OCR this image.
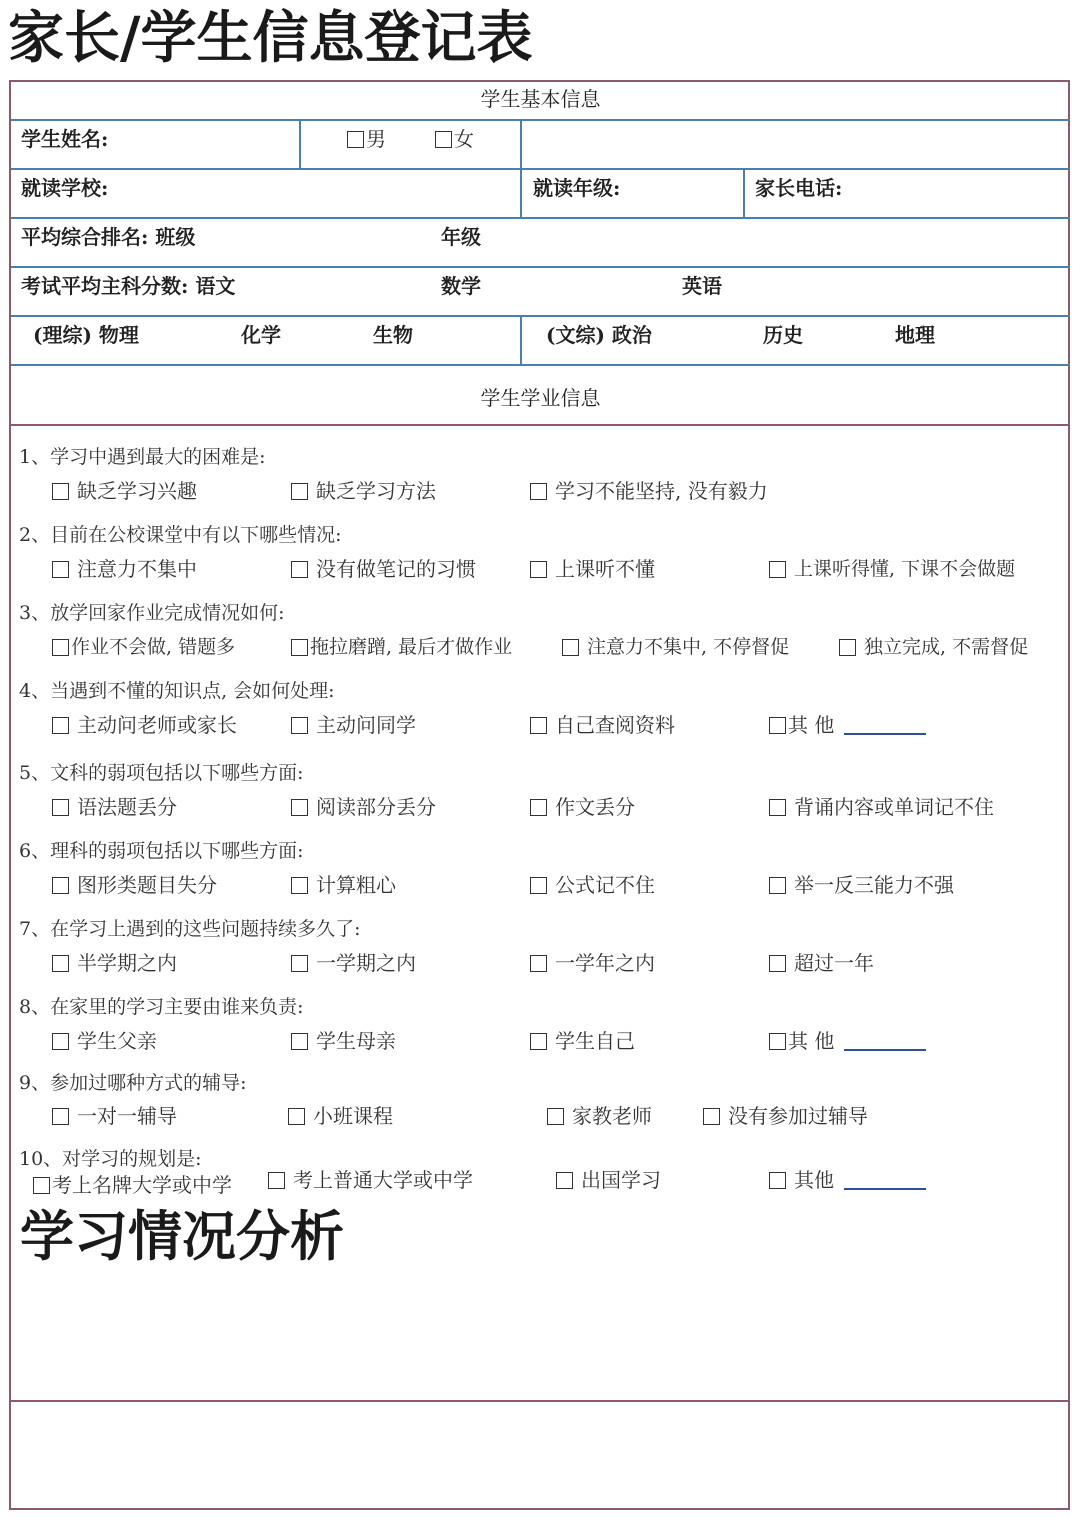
家长/学生信息登记表
学生基本信息
学生姓名:	男	女
就读学校:	就读年级:	家长电话:
平均综合排名: 班级	年级
考试平均主科分数: 语文	数学	英语
(理综) 物理	化学	生物	(文综) 政治	历史	地理
学生学业信息
1、学习中遇到最大的困难是:
缺乏学习兴趣	缺乏学习方法	学习不能坚持, 没有毅力
2、目前在公校课堂中有以下哪些情况:
注意力不集中	没有做笔记的习惯	上课听不懂	上课听得懂, 下课不会做题
3、放学回家作业完成情况如何:
作业不会做, 错题多	拖拉磨蹭, 最后才做作业	注意力不集中, 不停督促	独立完成, 不需督促
4、当遇到不懂的知识点, 会如何处理:
主动问老师或家长	主动问同学	自己查阅资料	其 他
5、文科的弱项包括以下哪些方面:
语法题丢分	阅读部分丢分	作文丢分	背诵内容或单词记不住
6、理科的弱项包括以下哪些方面:
图形类题目失分	计算粗心	公式记不住	举一反三能力不强
7、在学习上遇到的这些问题持续多久了:
半学期之内	一学期之内	一学年之内	超过一年
8、在家里的学习主要由谁来负责:
学生父亲	学生母亲	学生自己	其 他
9、参加过哪种方式的辅导:
一对一辅导	小班课程	家教老师	没有参加过辅导
10、对学习的规划是:
考上名牌大学或中学	考上普通大学或中学	出国学习	其他
学习情况分析
